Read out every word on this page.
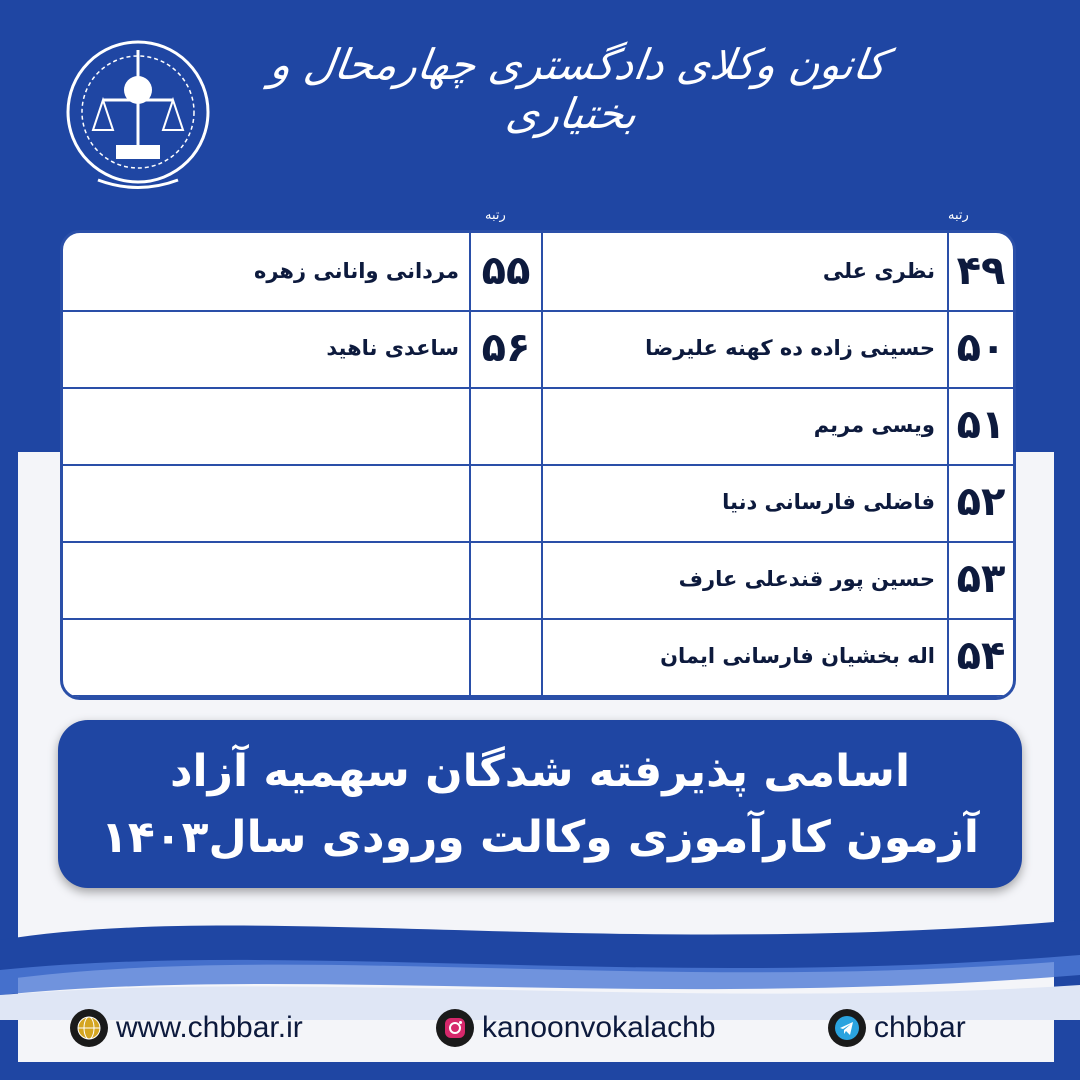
کانون وکلای دادگستری چهارمحال و بختیاری
رتبه
رتبه
۴۹
نظری علی
۵۵
مردانی وانانی زهره
۵۰
حسینی زاده ده کهنه علیرضا
۵۶
ساعدی ناهید
۵۱
ویسی مریم
۵۲
فاضلی فارسانی دنیا
۵۳
حسین پور قندعلی عارف
۵۴
اله بخشیان فارسانی ایمان
اسامی پذیرفته شدگان سهمیه آزاد
آزمون کارآموزی وکالت ورودی سال۱۴۰۳
www.chbbar.ir	kanoonvokalachb	chbbar
